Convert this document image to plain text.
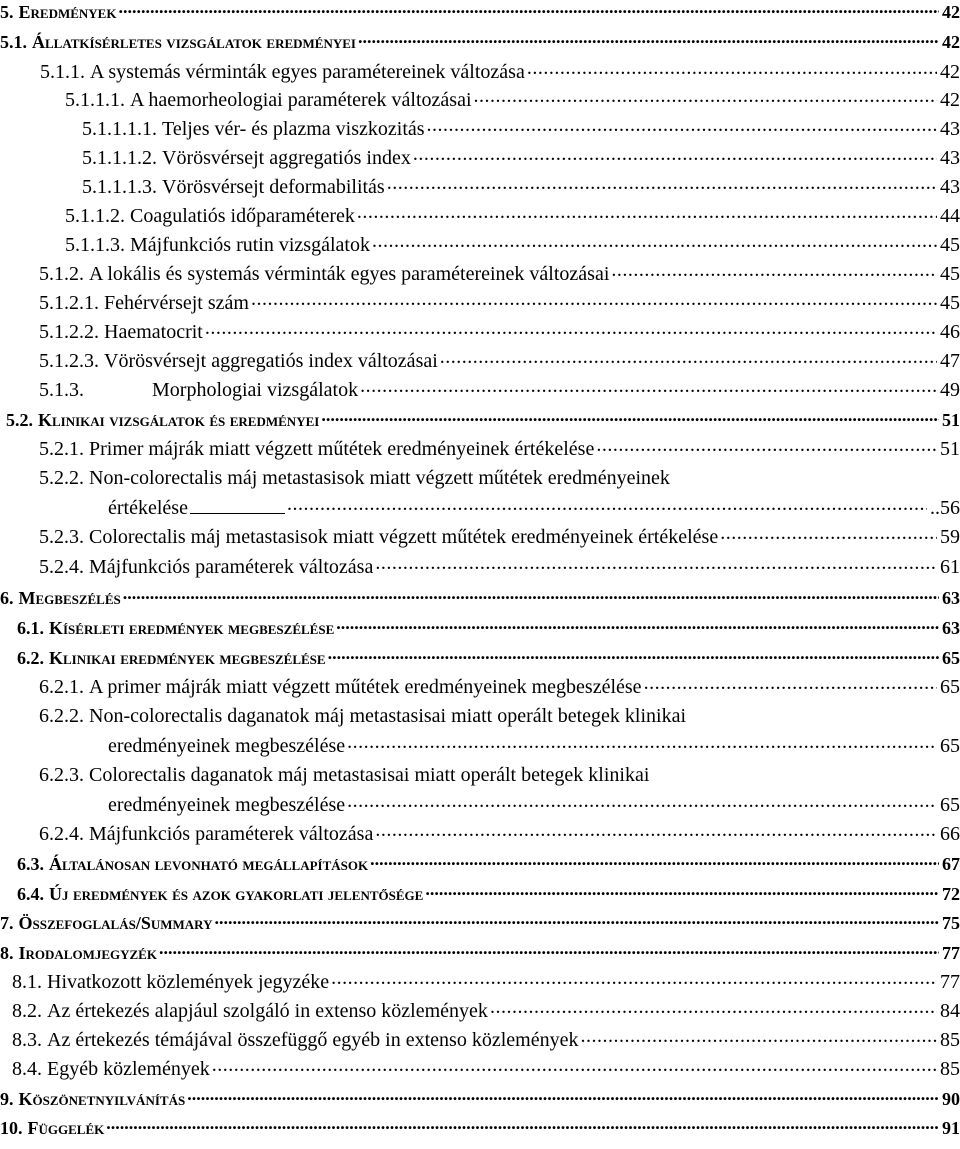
5. Eredmények .....	42
5.1. Állatkísérletes vizsgálatok eredményei .....	42
5.1.1. A systemás vérminták egyes paramétereinek változása .....	42
5.1.1.1. A haemorheologiai paraméterek változásai .....	42
5.1.1.1.1. Teljes vér- és plazma viszkozitás .....	43
5.1.1.1.2. Vörösvérsejt aggregatiós index .....	43
5.1.1.1.3. Vörösvérsejt deformabilitás .....	43
5.1.1.2. Coagulatiós időparaméterek .....	44
5.1.1.3. Májfunkciós rutin vizsgálatok .....	45
5.1.2. A lokális és systemás vérminták egyes paramétereinek változásai .....	45
5.1.2.1. Fehérvérsejt szám .....	45
5.1.2.2. Haematocrit .....	46
5.1.2.3. Vörösvérsejt aggregatiós index változásai .....	47
5.1.3.	Morphologiai vizsgálatok .....	49
5.2. Klinikai vizsgálatok és eredményei .....	51
5.2.1. Primer májrák miatt végzett műtétek eredményeinek értékelése .....	51
5.2.2. Non-colorectalis máj metastasisok miatt végzett műtétek eredményeinek
értékelése .....	..56
5.2.3. Colorectalis máj metastasisok miatt végzett műtétek eredményeinek értékelése .....	59
5.2.4. Májfunkciós paraméterek változása .....	61
6. Megbeszélés .....	63
6.1. Kísérleti eredmények megbeszélése .....	63
6.2. Klinikai eredmények megbeszélése .....	65
6.2.1. A primer májrák miatt végzett műtétek eredményeinek megbeszélése .....	65
6.2.2. Non-colorectalis daganatok máj metastasisai miatt operált betegek klinikai
eredményeinek megbeszélése .....	65
6.2.3. Colorectalis daganatok máj metastasisai miatt operált betegek klinikai
eredményeinek megbeszélése .....	65
6.2.4. Májfunkciós paraméterek változása .....	66
6.3. Általánosan levonható megállapítások .....	67
6.4. Új eredmények és azok gyakorlati jelentősége .....	72
7. Összefoglalás/Summary .....	75
8. Irodalomjegyzék .....	77
8.1. Hivatkozott közlemények jegyzéke .....	77
8.2. Az értekezés alapjául szolgáló in extenso közlemények .....	84
8.3. Az értekezés témájával összefüggő egyéb in extenso közlemények .....	85
8.4. Egyéb közlemények .....	85
9. Köszönetnyilvánítás .....	90
10. Függelék .....	91
